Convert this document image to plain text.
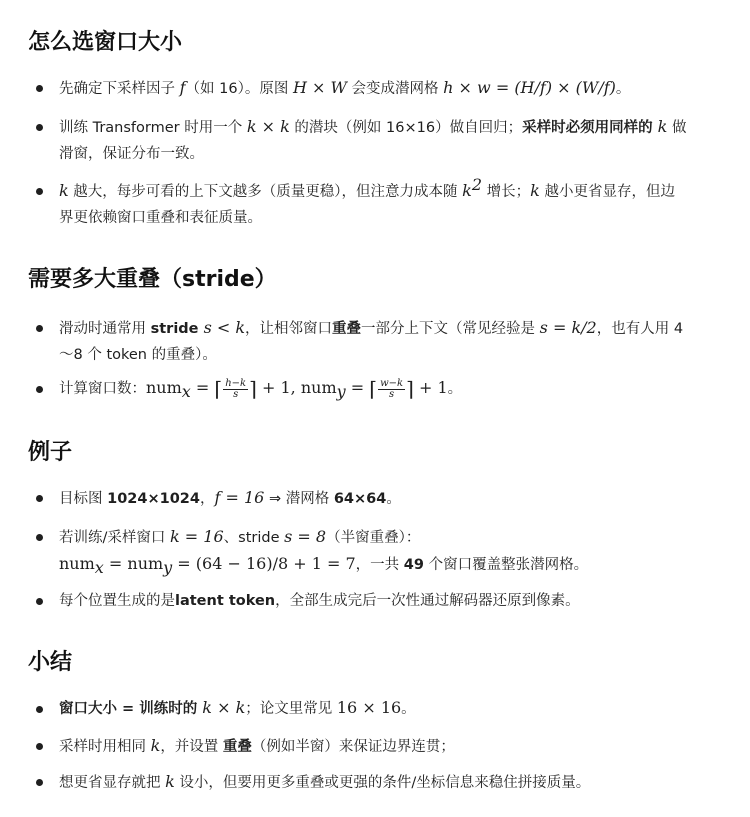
怎么选窗口大小

先确定下采样因子 f（如 16）。原图 H × W 会变成潜网格 h × w = (H/f) × (W/f)。

训练 Transformer 时用一个 k × k 的潜块（例如 16×16）做自回归；采样时必须用同样的 k 做

滑窗，保证分布一致。

k 越大，每步可看的上下文越多（质量更稳），但注意力成本随 $k^2$ 增长；k 越小更省显存，但边

界更依赖窗口重叠和表征质量。

需要多大重叠（stride）

滑动时通常用 stride s < k，让相邻窗口重叠一部分上下文（常见经验是 s = k/2，也有人用 4

～8 个 token 的重叠）。

计算窗口数：num$_x$ = ⌈ $\frac{h-k}{s}$ ⌉ + 1, num$_y$ = ⌈ $\frac{w-k}{s}$ ⌉ + 1。

例子

目标图 1024×1024，f = 16 ⇒ 潜网格 64×64。

若训练/采样窗口 k = 16、stride s = 8（半窗重叠）：

num$_x$ = num$_y$ = (64 − 16)/8 + 1 = 7，一共 49 个窗口覆盖整张潜网格。

每个位置生成的是latent token，全部生成完后一次性通过解码器还原到像素。

小结

窗口大小 = 训练时的 k × k；论文里常见 16 × 16。

采样时用相同 k，并设置 重叠（例如半窗）来保证边界连贯；

想更省显存就把 k 设小，但要用更多重叠或更强的条件/坐标信息来稳住拼接质量。
